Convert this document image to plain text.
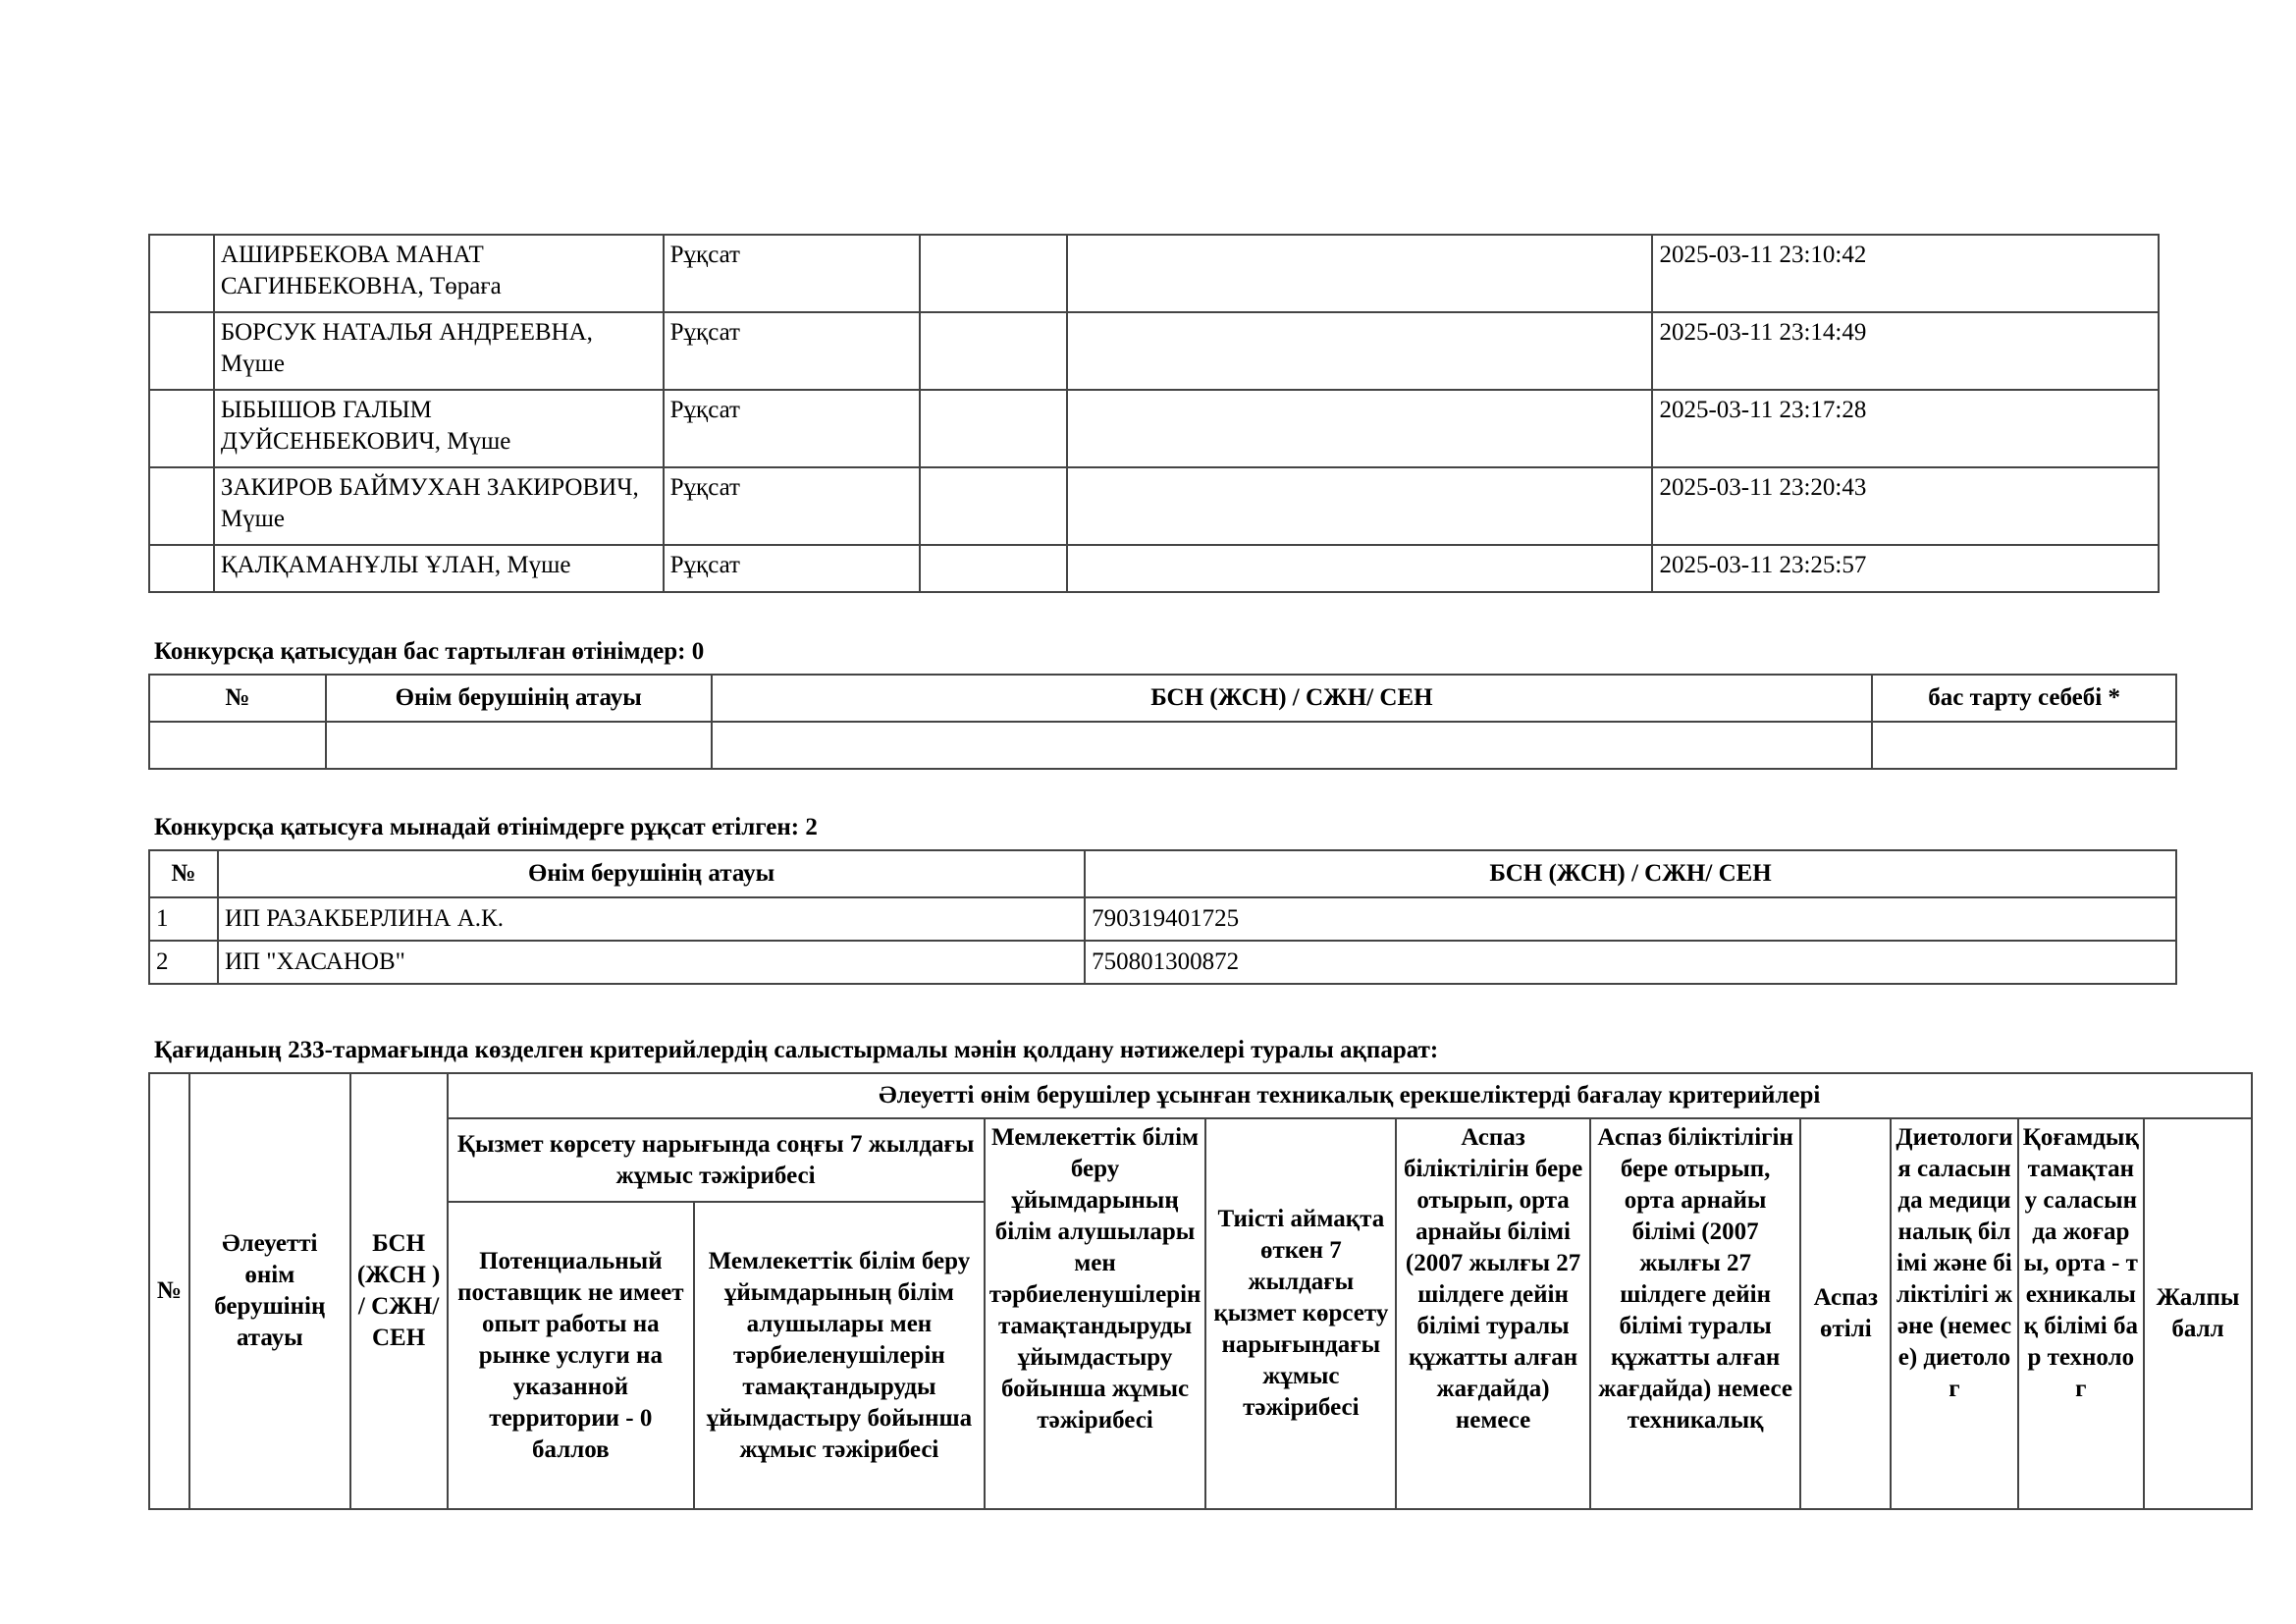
	АШИРБЕКОВА МАНАТ САГИНБЕКОВНА, Төраға	Рұқсат			2025-03-11 23:10:42
	БОРСУК НАТАЛЬЯ АНДРЕЕВНА, Мүше	Рұқсат			2025-03-11 23:14:49
	ЫБЫШОВ ГАЛЫМ ДУЙСЕНБЕКОВИЧ, Мүше	Рұқсат			2025-03-11 23:17:28
	ЗАКИРОВ БАЙМУХАН ЗАКИРОВИЧ, Мүше	Рұқсат			2025-03-11 23:20:43
	ҚАЛҚАМАНҰЛЫ ҰЛАН, Мүше	Рұқсат			2025-03-11 23:25:57
Конкурсқа қатысудан бас тартылған өтінімдер: 0
№	Өнім берушінің атауы	БСН (ЖСН) / СЖН/ СЕН	бас тарту себебі *

Конкурсқа қатысуға мынадай өтінімдерге рұқсат етілген: 2
№	Өнім берушінің атауы	БСН (ЖСН) / СЖН/ СЕН
1	ИП РАЗАКБЕРЛИНА А.К.	790319401725
2	ИП "ХАСАНОВ"	750801300872
Қағиданың 233-тармағында көзделген критерийлердің салыстырмалы мәнін қолдану нәтижелері туралы ақпарат:
№	Әлеуетті өнім берушінің атауы	БСН (ЖСН ) / СЖН/ СЕН	Әлеуетті өнім берушілер ұсынған техникалық ерекшеліктерді бағалау критерийлері									
			Қызмет көрсету нарығында соңғы 7 жылдағы жұмыс тәжірибесі		Мемлекеттік білім беру ұйымдарының білім алушылары мен тәрбиеленушілерін тамақтандыруды ұйымдастыру бойынша жұмыс тәжірибесі	Тиісті аймақта өткен 7 жылдағы қызмет көрсету нарығындағы жұмыс тәжірибесі	Аспаз біліктілігін бере отырып, орта арнайы білімі (2007 жылғы 27 шілдеге дейін білімі туралы құжатты алған жағдайда) немесе	Аспаз біліктілігін бере отырып, орта арнайы білімі (2007 жылғы 27 шілдеге дейін білімі туралы құжатты алған жағдайда) немесе техникалық	Аспаз өтілі	Диетология саласында медициналық білімі және біліктілігі және (немесе) диетолог	Қоғамдық тамақтану саласында жоғары, орта - техникалық білімі бар технолог	Жалпы балл
			Потенциальный поставщик не имеет опыт работы на рынке услуги на указанной территории - 0 баллов	Мемлекеттік білім беру ұйымдарының білім алушылары мен тәрбиеленушілерін тамақтандыруды ұйымдастыру бойынша жұмыс тәжірибесі								
